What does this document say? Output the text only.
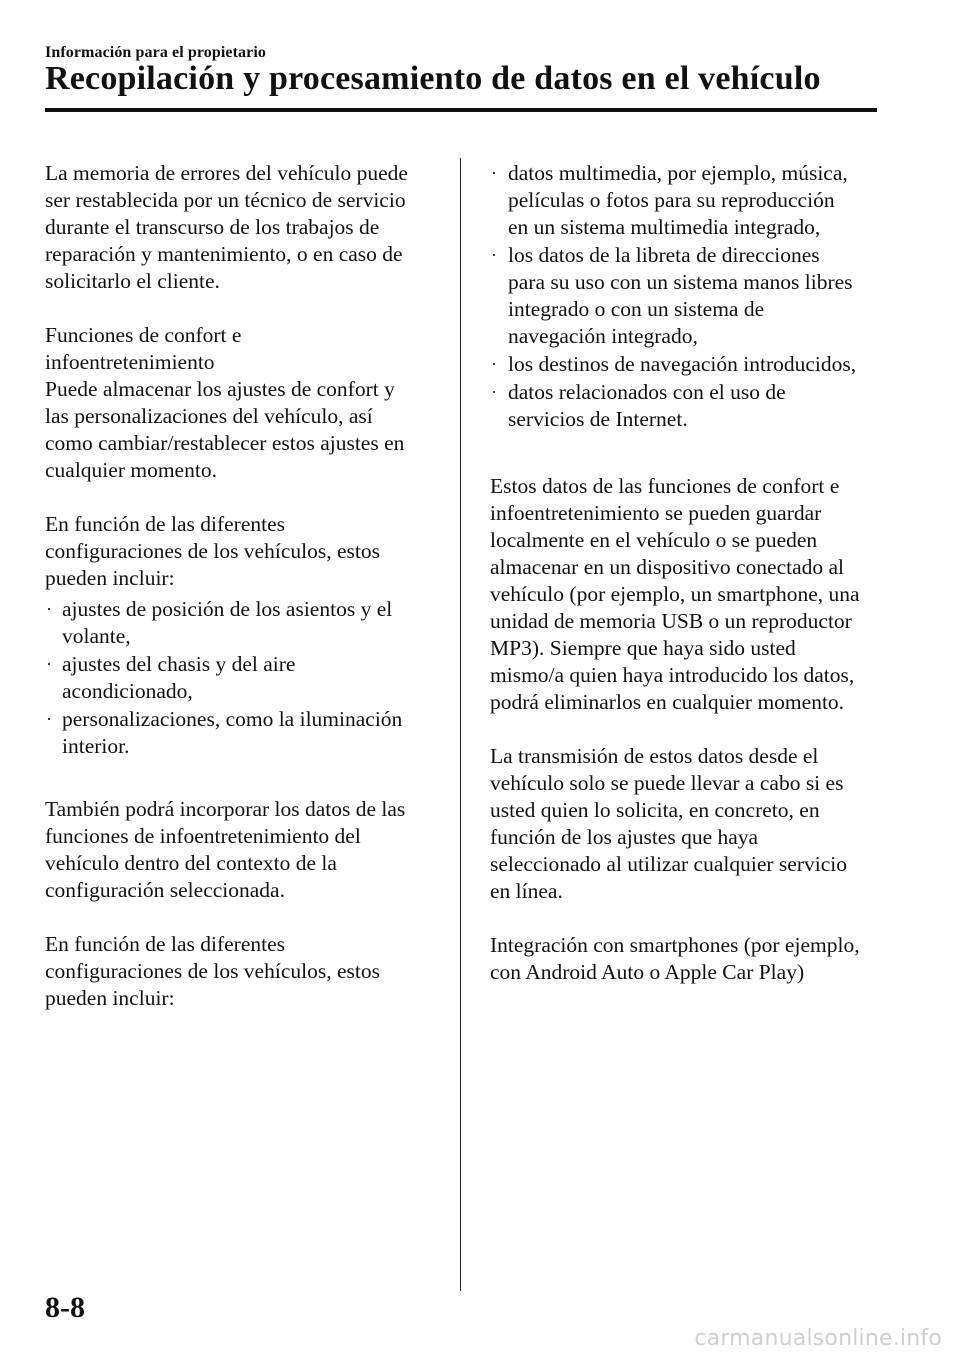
Información para el propietario
Recopilación y procesamiento de datos en el vehículo

La memoria de errores del vehículo puede
ser restablecida por un técnico de servicio
durante el transcurso de los trabajos de
reparación y mantenimiento, o en caso de
solicitarlo el cliente.

Funciones de confort e
infoentretenimiento
Puede almacenar los ajustes de confort y
las personalizaciones del vehículo, así
como cambiar/restablecer estos ajustes en
cualquier momento.

En función de las diferentes
configuraciones de los vehículos, estos
pueden incluir:

· ajustes de posición de los asientos y el
volante,
· ajustes del chasis y del aire
acondicionado,
· personalizaciones, como la iluminación
interior.

También podrá incorporar los datos de las
funciones de infoentretenimiento del
vehículo dentro del contexto de la
configuración seleccionada.

En función de las diferentes
configuraciones de los vehículos, estos
pueden incluir:

· datos multimedia, por ejemplo, música,
películas o fotos para su reproducción
en un sistema multimedia integrado,
· los datos de la libreta de direcciones
para su uso con un sistema manos libres
integrado o con un sistema de
navegación integrado,
· los destinos de navegación introducidos,
· datos relacionados con el uso de
servicios de Internet.

Estos datos de las funciones de confort e
infoentretenimiento se pueden guardar
localmente en el vehículo o se pueden
almacenar en un dispositivo conectado al
vehículo (por ejemplo, un smartphone, una
unidad de memoria USB o un reproductor
MP3). Siempre que haya sido usted
mismo/a quien haya introducido los datos,
podrá eliminarlos en cualquier momento.

La transmisión de estos datos desde el
vehículo solo se puede llevar a cabo si es
usted quien lo solicita, en concreto, en
función de los ajustes que haya
seleccionado al utilizar cualquier servicio
en línea.

Integración con smartphones (por ejemplo,
con Android Auto o Apple Car Play)

8-8
carmanualsonline.info
